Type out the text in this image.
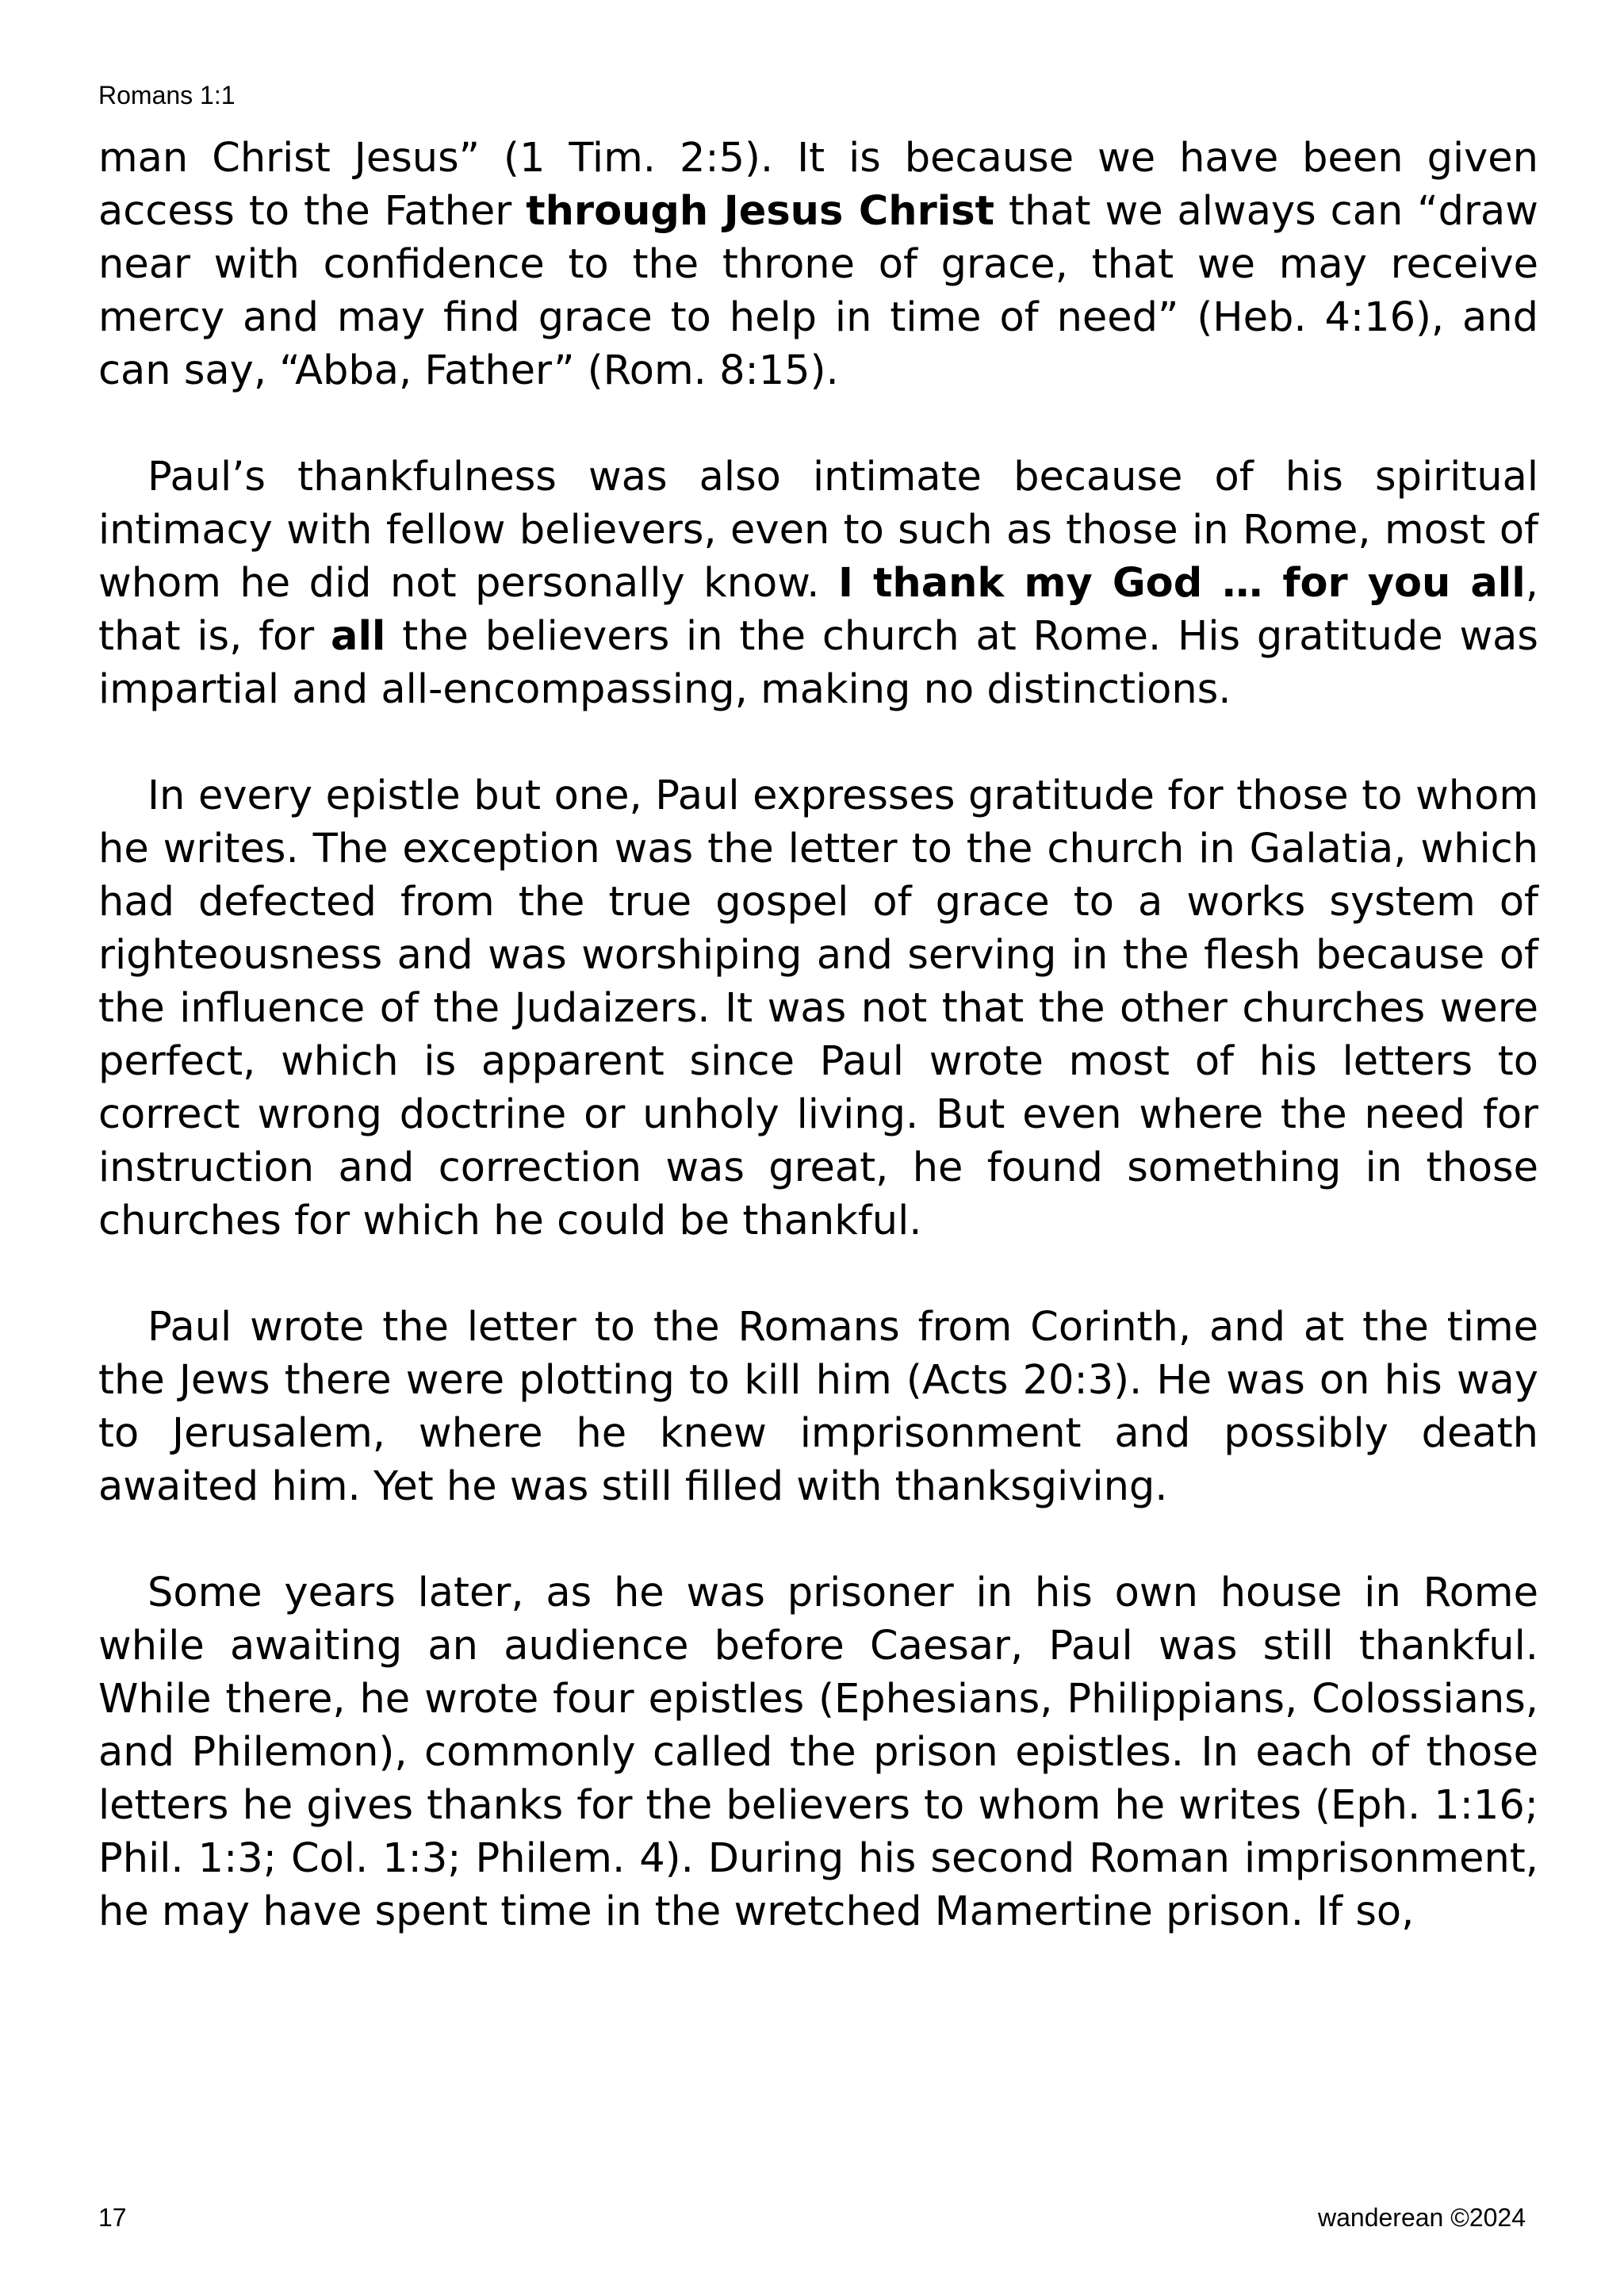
Romans 1:1

man Christ Jesus” (1 Tim. 2:5). It is because we have been given access to the Father through Jesus Christ that we always can “draw near with confidence to the throne of grace, that we may receive mercy and may find grace to help in time of need” (Heb. 4:16), and can say, “Abba, Father” (Rom. 8:15).

Paul’s thankfulness was also intimate because of his spiritual intimacy with fellow believers, even to such as those in Rome, most of whom he did not personally know. I thank my God … for you all, that is, for all the believers in the church at Rome. His gratitude was impartial and all-encompassing, making no distinctions.

In every epistle but one, Paul expresses gratitude for those to whom he writes. The exception was the letter to the church in Galatia, which had defected from the true gospel of grace to a works system of righteousness and was worshiping and serving in the flesh because of the influence of the Judaizers. It was not that the other churches were perfect, which is apparent since Paul wrote most of his letters to correct wrong doctrine or unholy living. But even where the need for instruction and correction was great, he found something in those churches for which he could be thankful.

Paul wrote the letter to the Romans from Corinth, and at the time the Jews there were plotting to kill him (Acts 20:3). He was on his way to Jerusalem, where he knew imprisonment and possibly death awaited him. Yet he was still filled with thanksgiving.

Some years later, as he was prisoner in his own house in Rome while awaiting an audience before Caesar, Paul was still thankful. While there, he wrote four epistles (Ephesians, Philippians, Colossians, and Philemon), commonly called the prison epistles. In each of those letters he gives thanks for the believers to whom he writes (Eph. 1:16; Phil. 1:3; Col. 1:3; Philem. 4). During his second Roman imprisonment, he may have spent time in the wretched Mamertine prison. If so,

17	wanderean ©2024
